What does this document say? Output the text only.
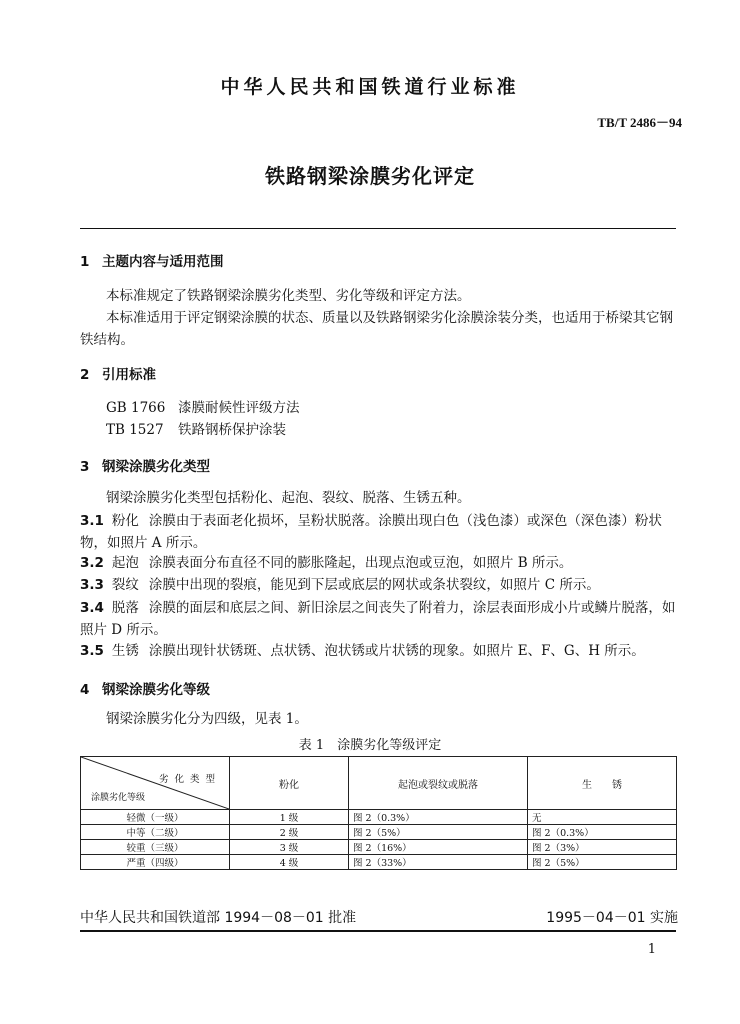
中华人民共和国铁道行业标准
TB/T 2486－94
铁路钢梁涂膜劣化评定
1 主题内容与适用范围
本标准规定了铁路钢梁涂膜劣化类型、劣化等级和评定方法。
本标准适用于评定钢梁涂膜的状态、质量以及铁路钢梁劣化涂膜涂装分类，也适用于桥梁其它钢铁结构。
2 引用标准
GB 1766 漆膜耐候性评级方法
TB 1527 铁路钢桥保护涂装
3 钢梁涂膜劣化类型
钢梁涂膜劣化类型包括粉化、起泡、裂纹、脱落、生锈五种。
3.1 粉化 涂膜由于表面老化损坏，呈粉状脱落。涂膜出现白色（浅色漆）或深色（深色漆）粉状物，如照片 A 所示。
3.2 起泡 涂膜表面分布直径不同的膨胀隆起，出现点泡或豆泡，如照片 B 所示。
3.3 裂纹 涂膜中出现的裂痕，能见到下层或底层的网状或条状裂纹，如照片 C 所示。
3.4 脱落 涂膜的面层和底层之间、新旧涂层之间丧失了附着力，涂层表面形成小片或鳞片脱落，如照片 D 所示。
3.5 生锈 涂膜出现针状锈斑、点状锈、泡状锈或片状锈的现象。如照片 E、F、G、H 所示。
4 钢梁涂膜劣化等级
钢梁涂膜劣化分为四级，见表 1。
表 1　涂膜劣化等级评定
劣化类型
涂膜劣化等级	粉化	起泡或裂纹或脱落	生　　锈
轻微（一级）	1 级	图 2（0.3%）	无
中等（二级）	2 级	图 2（5%）	图 2（0.3%）
较重（三级）	3 级	图 2（16%）	图 2（3%）
严重（四级）	4 级	图 2（33%）	图 2（5%）
中华人民共和国铁道部 1994－08－01 批准	1995－04－01 实施
1
